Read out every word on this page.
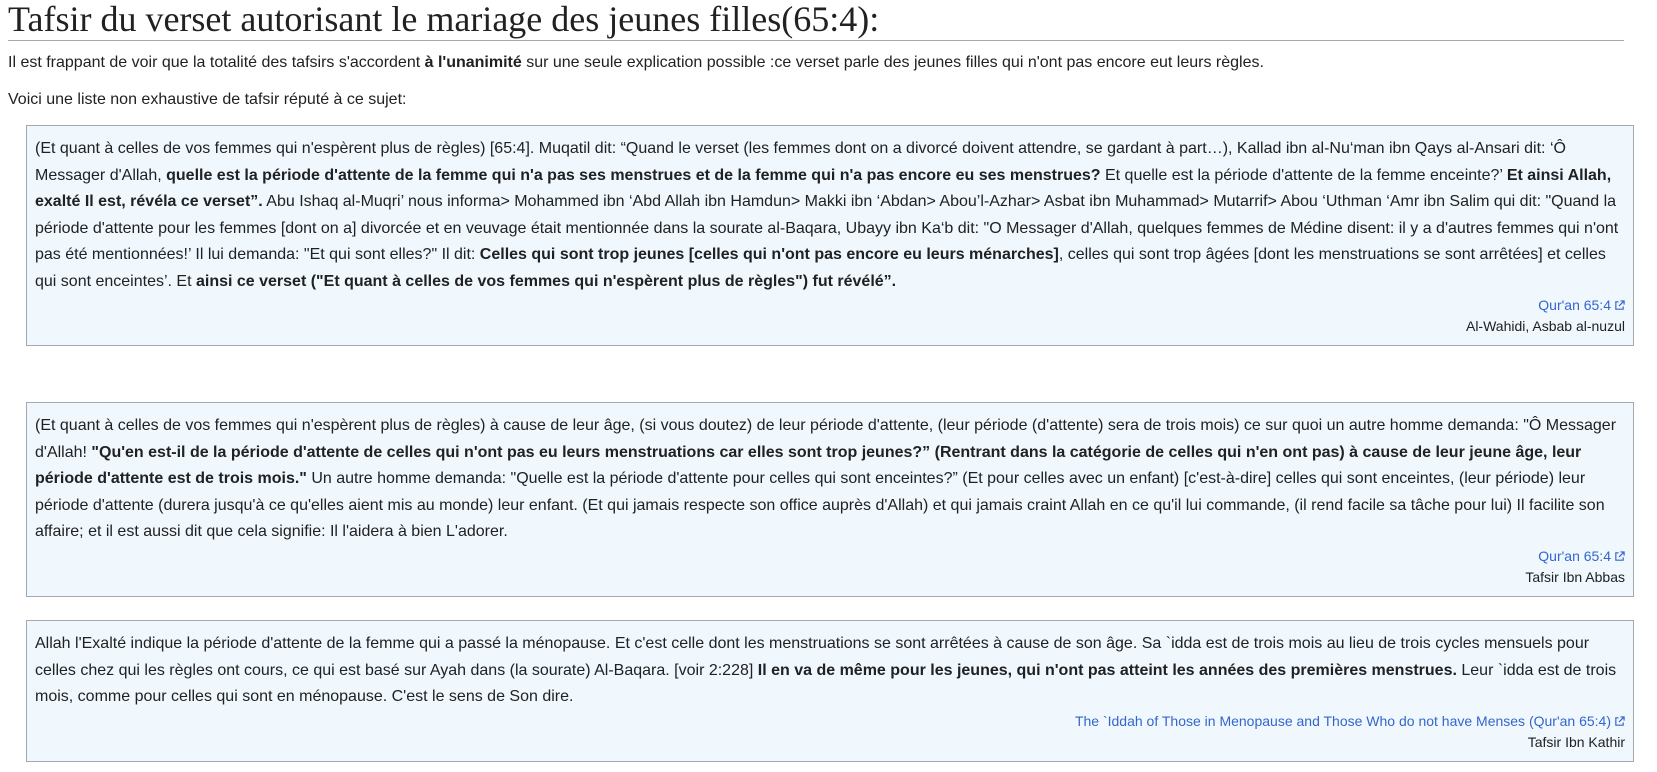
Tafsir du verset autorisant le mariage des jeunes filles(65:4):

Il est frappant de voir que la totalité des tafsirs s'accordent à l'unanimité sur une seule explication possible :ce verset parle des jeunes filles qui n'ont pas encore eut leurs règles.

Voici une liste non exhaustive de tafsir réputé à ce sujet:

(Et quant à celles de vos femmes qui n'espèrent plus de règles) [65:4]. Muqatil dit: “Quand le verset (les femmes dont on a divorcé doivent attendre, se gardant à part…), Kallad ibn al-Nu‘man ibn Qays al-Ansari dit: ‘Ô Messager d'Allah, quelle est la période d'attente de la femme qui n'a pas ses menstrues et de la femme qui n'a pas encore eu ses menstrues? Et quelle est la période d'attente de la femme enceinte?’ Et ainsi Allah, exalté Il est, révéla ce verset”. Abu Ishaq al-Muqri’ nous informa> Mohammed ibn ‘Abd Allah ibn Hamdun> Makki ibn ‘Abdan> Abou’l-Azhar> Asbat ibn Muhammad> Mutarrif> Abou ‘Uthman ‘Amr ibn Salim qui dit: "Quand la période d'attente pour les femmes [dont on a] divorcée et en veuvage était mentionnée dans la sourate al-Baqara, Ubayy ibn Ka‘b dit: "O Messager d'Allah, quelques femmes de Médine disent: il y a d'autres femmes qui n'ont pas été mentionnées!’ Il lui demanda: "Et qui sont elles?" Il dit: Celles qui sont trop jeunes [celles qui n'ont pas encore eu leurs ménarches], celles qui sont trop âgées [dont les menstruations se sont arrêtées] et celles qui sont enceintes’. Et ainsi ce verset ("Et quant à celles de vos femmes qui n'espèrent plus de règles") fut révélé”.

Qur'an 65:4
Al-Wahidi, Asbab al-nuzul

(Et quant à celles de vos femmes qui n'espèrent plus de règles) à cause de leur âge, (si vous doutez) de leur période d'attente, (leur période (d'attente) sera de trois mois) ce sur quoi un autre homme demanda: "Ô Messager d'Allah! "Qu'en est-il de la période d'attente de celles qui n'ont pas eu leurs menstruations car elles sont trop jeunes?” (Rentrant dans la catégorie de celles qui n'en ont pas) à cause de leur jeune âge, leur période d'attente est de trois mois." Un autre homme demanda: "Quelle est la période d'attente pour celles qui sont enceintes?” (Et pour celles avec un enfant) [c'est-à-dire] celles qui sont enceintes, (leur période) leur période d'attente (durera jusqu'à ce qu'elles aient mis au monde) leur enfant. (Et qui jamais respecte son office auprès d'Allah) et qui jamais craint Allah en ce qu'il lui commande, (il rend facile sa tâche pour lui) Il facilite son affaire; et il est aussi dit que cela signifie: Il l'aidera à bien L'adorer.

Qur'an 65:4
Tafsir Ibn Abbas

Allah l'Exalté indique la période d'attente de la femme qui a passé la ménopause. Et c'est celle dont les menstruations se sont arrêtées à cause de son âge. Sa `idda est de trois mois au lieu de trois cycles mensuels pour celles chez qui les règles ont cours, ce qui est basé sur Ayah dans (la sourate) Al-Baqara. [voir 2:228] Il en va de même pour les jeunes, qui n'ont pas atteint les années des premières menstrues. Leur `idda est de trois mois, comme pour celles qui sont en ménopause. C'est le sens de Son dire.

The `Iddah of Those in Menopause and Those Who do not have Menses (Qur'an 65:4)
Tafsir Ibn Kathir
